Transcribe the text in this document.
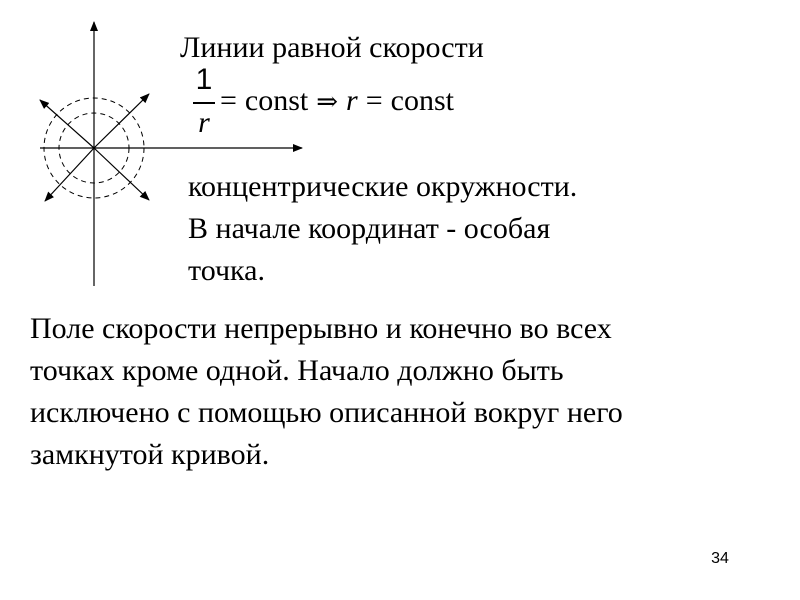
Линии равной скорости
1
r
= const ⇒ r = const
концентрические окружности.
В начале координат - особая
точка.
Поле скорости непрерывно и конечно во всех
точках кроме одной. Начало должно быть
исключено с помощью описанной вокруг него
замкнутой кривой.
34
